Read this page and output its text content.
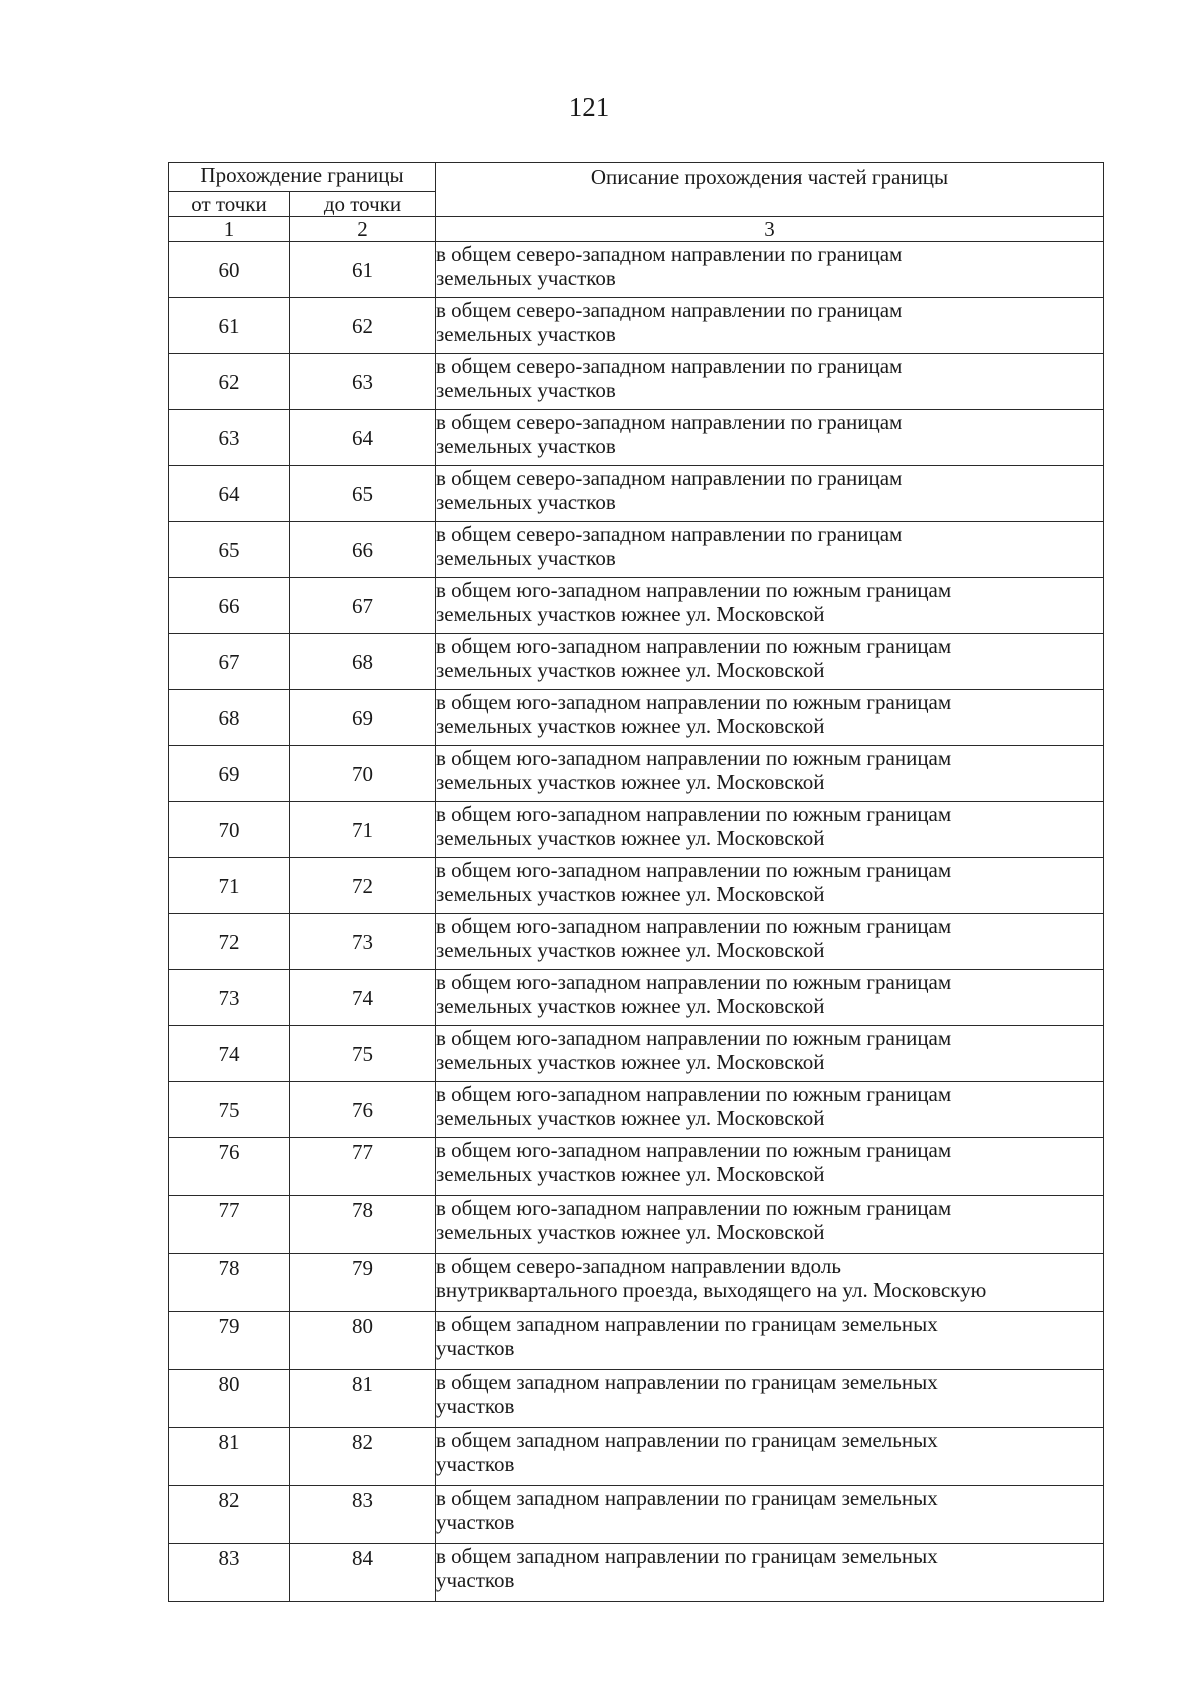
121
Прохождение границы		Описание прохождения частей границы
от точки	до точки	
1	2	3
60	61	в общем северо-западном направлении по границам
земельных участков

61	62	в общем северо-западном направлении по границам
земельных участков

62	63	в общем северо-западном направлении по границам
земельных участков

63	64	в общем северо-западном направлении по границам
земельных участков

64	65	в общем северо-западном направлении по границам
земельных участков

65	66	в общем северо-западном направлении по границам
земельных участков

66	67	в общем юго-западном направлении по южным границам
земельных участков южнее ул. Московской

67	68	в общем юго-западном направлении по южным границам
земельных участков южнее ул. Московской

68	69	в общем юго-западном направлении по южным границам
земельных участков южнее ул. Московской

69	70	в общем юго-западном направлении по южным границам
земельных участков южнее ул. Московской

70	71	в общем юго-западном направлении по южным границам
земельных участков южнее ул. Московской

71	72	в общем юго-западном направлении по южным границам
земельных участков южнее ул. Московской

72	73	в общем юго-западном направлении по южным границам
земельных участков южнее ул. Московской

73	74	в общем юго-западном направлении по южным границам
земельных участков южнее ул. Московской

74	75	в общем юго-западном направлении по южным границам
земельных участков южнее ул. Московской

75	76	в общем юго-западном направлении по южным границам
земельных участков южнее ул. Московской

76	77	в общем юго-западном направлении по южным границам
земельных участков южнее ул. Московской

77	78	в общем юго-западном направлении по южным границам
земельных участков южнее ул. Московской

78	79	в общем северо-западном направлении вдоль
внутриквартального проезда, выходящего на ул. Московскую

79	80	в общем западном направлении по границам земельных
участков

80	81	в общем западном направлении по границам земельных
участков

81	82	в общем западном направлении по границам земельных
участков

82	83	в общем западном направлении по границам земельных
участков

83	84	в общем западном направлении по границам земельных
участков
